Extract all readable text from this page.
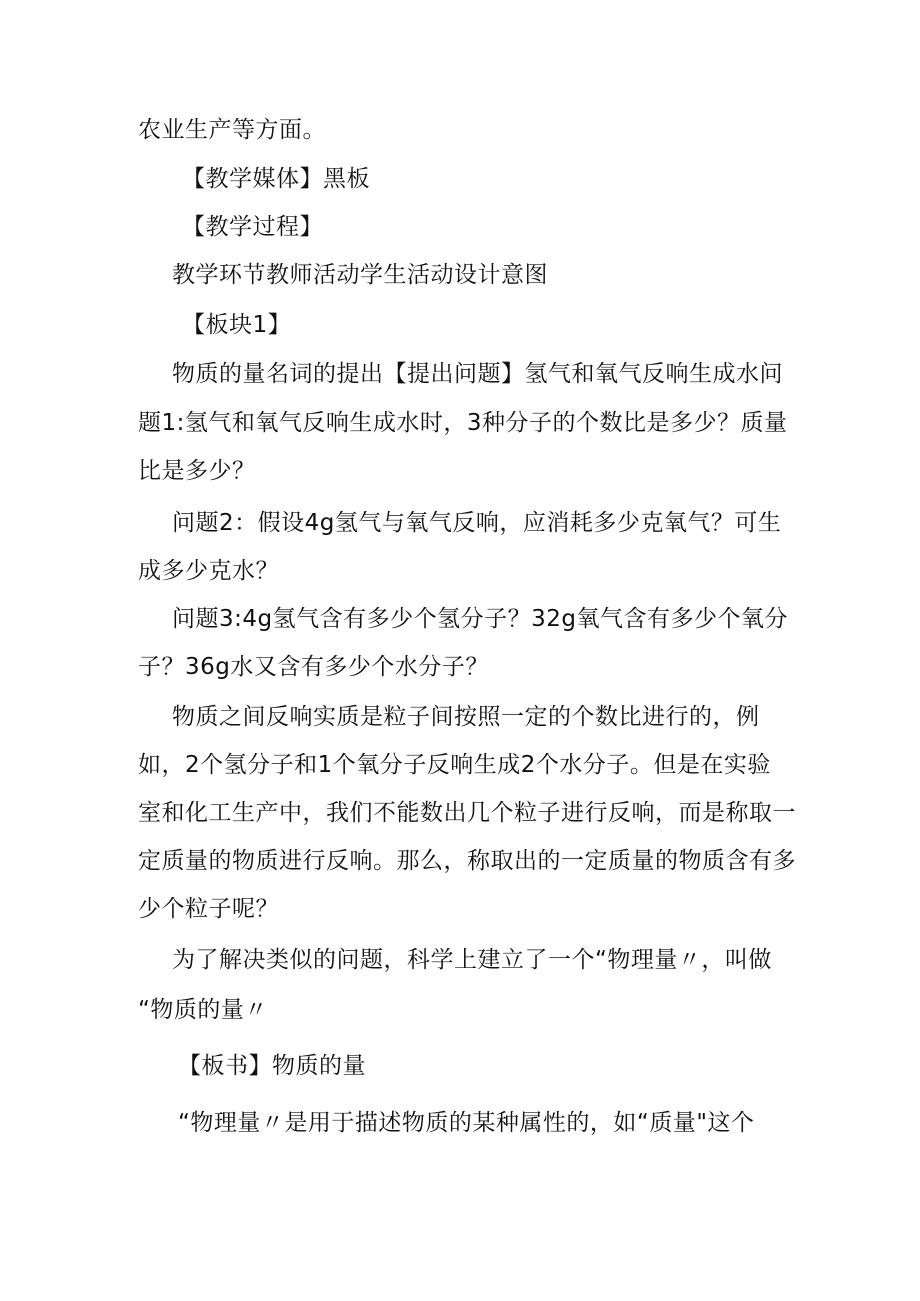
农业生产等方面。
【教学媒体】黑板
【教学过程】
教学环节教师活动学生活动设计意图
【板块1】
物质的量名词的提出【提出问题】氢气和氧气反响生成水问
题1:氢气和氧气反响生成水时，3种分子的个数比是多少？质量
比是多少？
问题2：假设4g氢气与氧气反响，应消耗多少克氧气？可生
成多少克水？
问题3:4g氢气含有多少个氢分子？32g氧气含有多少个氧分
子？36g水又含有多少个水分子？
物质之间反响实质是粒子间按照一定的个数比进行的，例
如，2个氢分子和1个氧分子反响生成2个水分子。但是在实验
室和化工生产中，我们不能数出几个粒子进行反响，而是称取一
定质量的物质进行反响。那么，称取出的一定质量的物质含有多
少个粒子呢？
为了解决类似的问题，科学上建立了一个“物理量〃，叫做
“物质的量〃
【板书】物质的量
“物理量〃是用于描述物质的某种属性的，如“质量"这个
